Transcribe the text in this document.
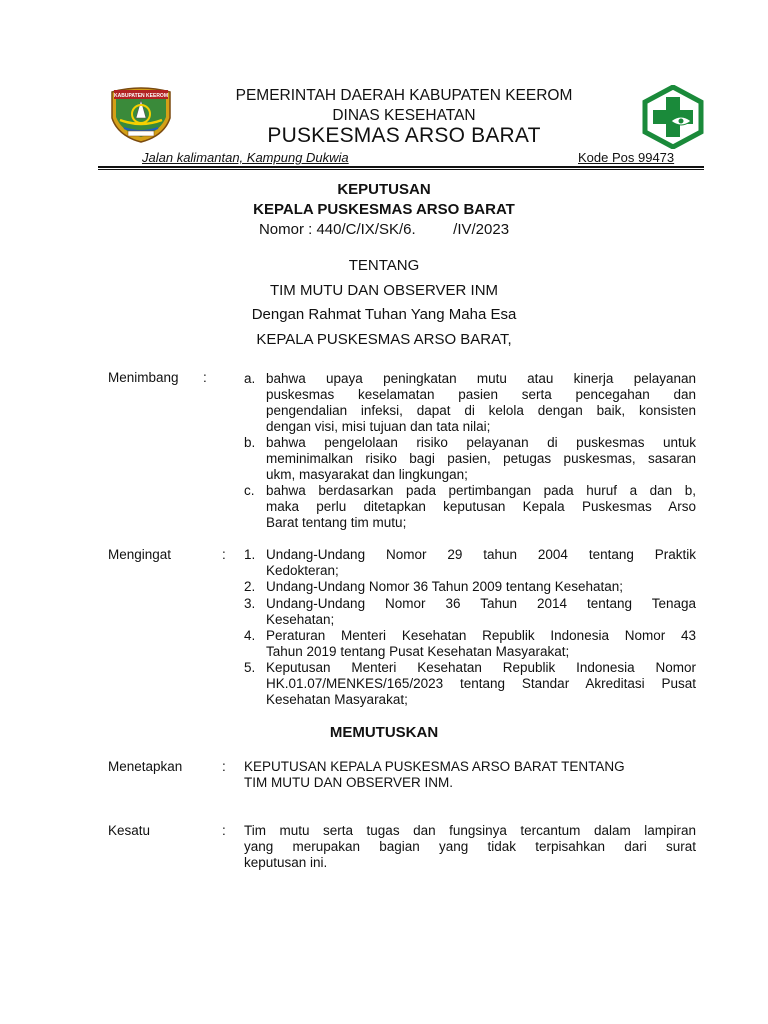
KABUPATEN KEEROM	PEMERINTAH DAERAH KABUPATEN KEEROM
DINAS KESEHATAN
PUSKESMAS ARSO BARAT
Jalan kalimantan, Kampung Dukwia	Kode Pos 99473
KEPUTUSAN
KEPALA PUSKESMAS ARSO BARAT
Nomor : 440/C/IX/SK/6.         /IV/2023
TENTANG
TIM MUTU DAN OBSERVER INM
Dengan Rahmat Tuhan Yang Maha Esa
KEPALA PUSKESMAS ARSO BARAT,
Menimbang :	a. bahwa upaya peningkatan mutu atau kinerja pelayanan
puskesmas keselamatan pasien serta pencegahan dan
pengendalian infeksi, dapat di kelola dengan baik, konsisten
dengan visi, misi tujuan dan tata nilai;
b. bahwa pengelolaan risiko pelayanan di puskesmas untuk
meminimalkan risiko bagi pasien, petugas puskesmas, sasaran
ukm, masyarakat dan lingkungan;
c. bahwa berdasarkan pada pertimbangan pada huruf a dan b,
maka perlu ditetapkan keputusan Kepala Puskesmas Arso
Barat tentang tim mutu;
Mengingat	: 1. Undang-Undang Nomor 29 tahun 2004 tentang Praktik
Kedokteran;
2. Undang-Undang Nomor 36 Tahun 2009 tentang Kesehatan;
3. Undang-Undang Nomor 36 Tahun 2014 tentang Tenaga
Kesehatan;
4. Peraturan Menteri Kesehatan Republik Indonesia Nomor 43
Tahun 2019 tentang Pusat Kesehatan Masyarakat;
5. Keputusan Menteri Kesehatan Republik Indonesia Nomor
HK.01.07/MENKES/165/2023 tentang Standar Akreditasi Pusat
Kesehatan Masyarakat;
MEMUTUSKAN
Menetapkan	: KEPUTUSAN KEPALA PUSKESMAS ARSO BARAT TENTANG
TIM MUTU DAN OBSERVER INM.
Kesatu	: Tim mutu serta tugas dan fungsinya tercantum dalam lampiran
yang merupakan bagian yang tidak terpisahkan dari surat
keputusan ini.
